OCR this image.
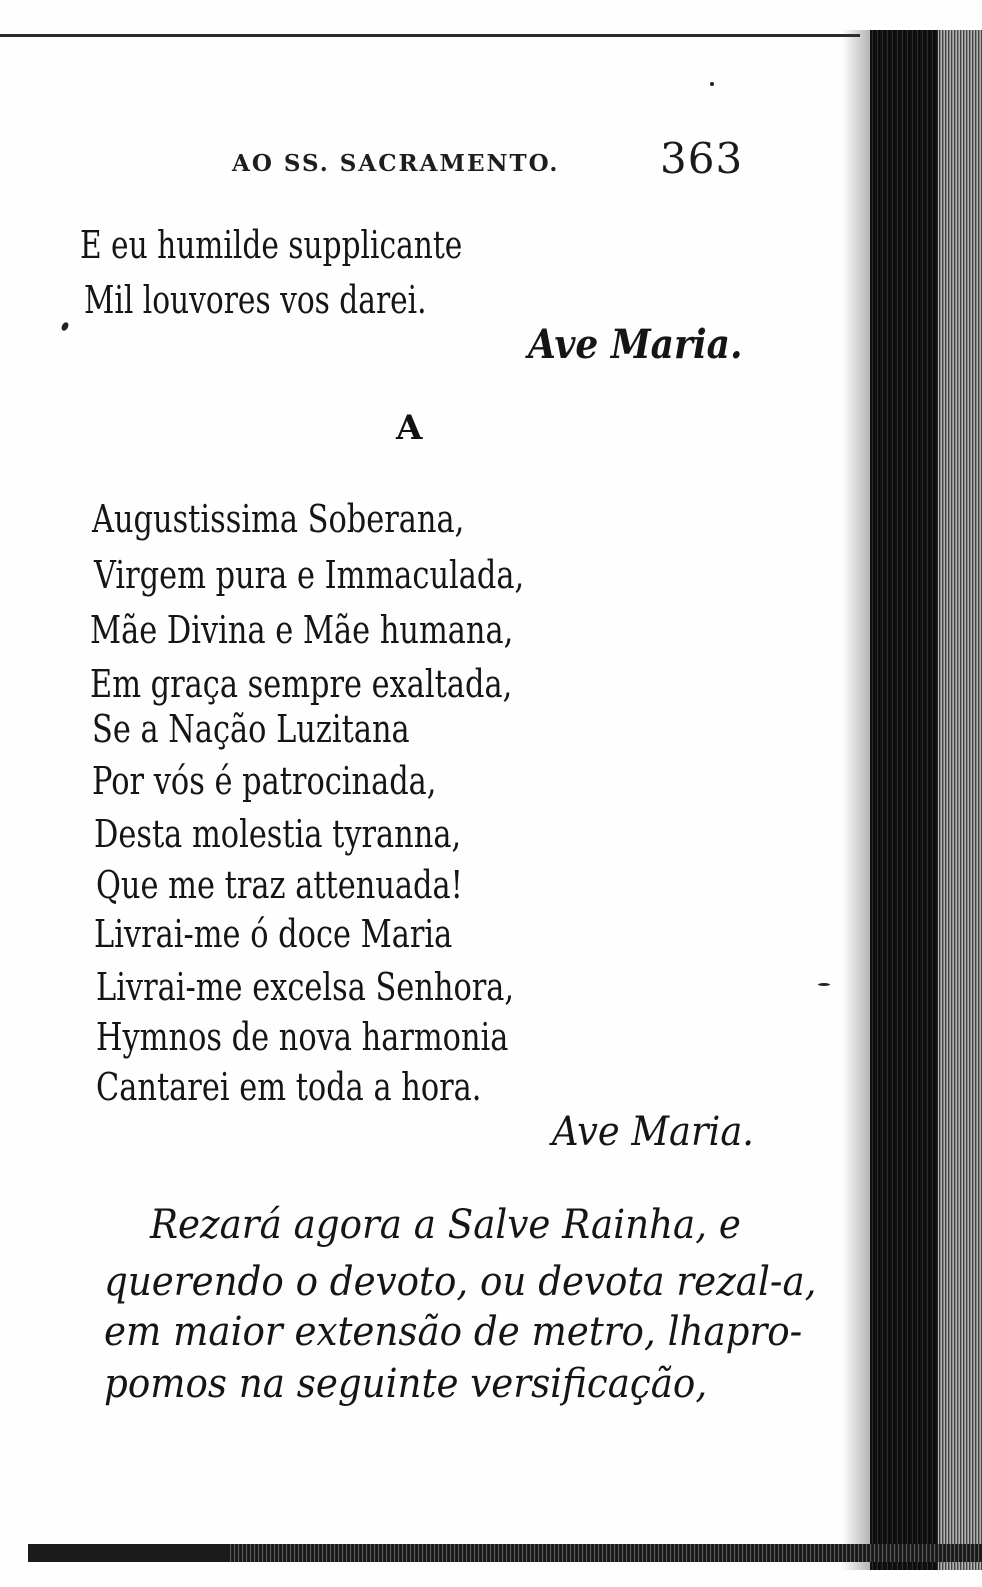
AO SS. SACRAMENTO. 363
E eu humilde supplicante
Mil louvores vos darei.
Ave Maria.
A
Augustissima Soberana,
Virgem pura e Immaculada,
Mãe Divina e Mãe humana,
Em graça sempre exaltada,
Se a Nação Luzitana
Por vós é patrocinada,
Desta molestia tyranna,
Que me traz attenuada!
Livrai-me ó doce Maria
Livrai-me excelsa Senhora,
Hymnos de nova harmonia
Cantarei em toda a hora.
Ave Maria.
Rezará agora a Salve Rainha, e
querendo o devoto, ou devota rezal-a,
em maior extensão de metro, lhapro-
pomos na seguinte versificação,
